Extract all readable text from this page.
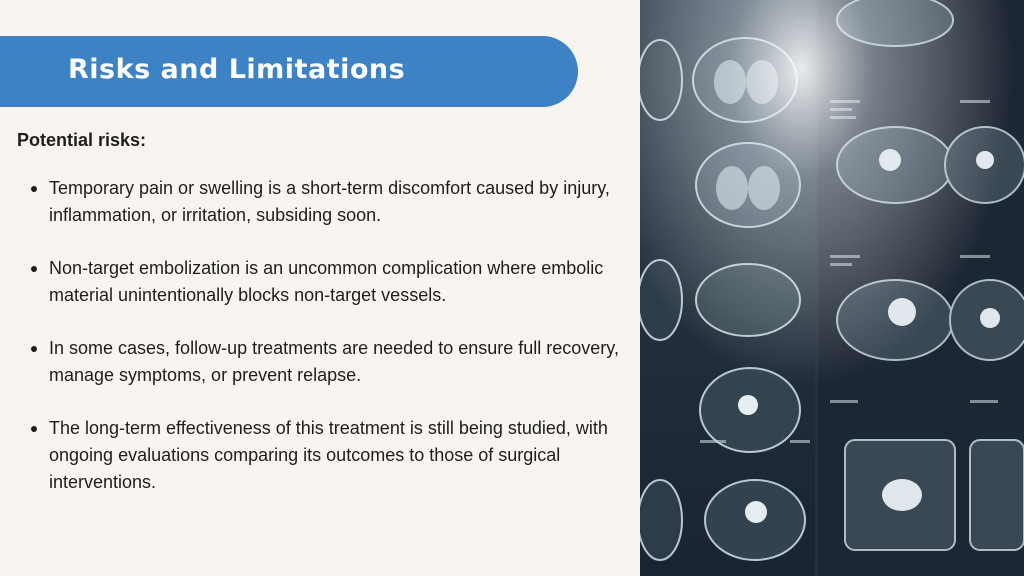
Risks and Limitations
Potential risks:
Temporary pain or swelling is a short-term discomfort caused by injury, inflammation, or irritation, subsiding soon.
Non-target embolization is an uncommon complication where embolic material unintentionally blocks non-target vessels.
In some cases, follow-up treatments are needed to ensure full recovery, manage symptoms, or prevent relapse.
The long-term effectiveness of this treatment is still being studied, with ongoing evaluations comparing its outcomes to those of surgical interventions.
